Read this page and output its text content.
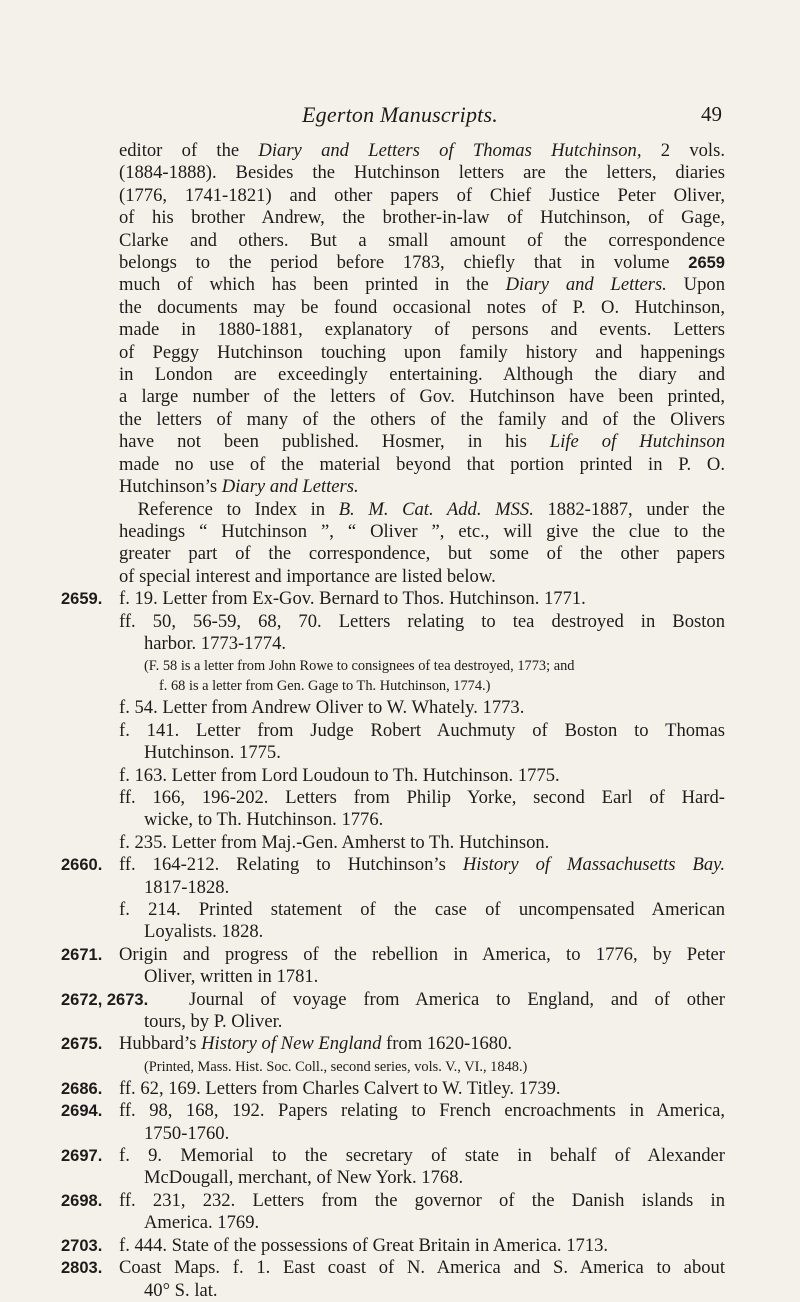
Egerton Manuscripts.	49
editor of the Diary and Letters of Thomas Hutchinson, 2 vols.
(1884-1888). Besides the Hutchinson letters are the letters, diaries
(1776, 1741-1821) and other papers of Chief Justice Peter Oliver,
of his brother Andrew, the brother-in-law of Hutchinson, of Gage,
Clarke and others. But a small amount of the correspondence
belongs to the period before 1783, chiefly that in volume 2659
much of which has been printed in the Diary and Letters. Upon
the documents may be found occasional notes of P. O. Hutchinson,
made in 1880-1881, explanatory of persons and events. Letters
of Peggy Hutchinson touching upon family history and happenings
in London are exceedingly entertaining. Although the diary and
a large number of the letters of Gov. Hutchinson have been printed,
the letters of many of the others of the family and of the Olivers
have not been published. Hosmer, in his Life of Hutchinson
made no use of the material beyond that portion printed in P. O.
Hutchinson’s Diary and Letters.
 Reference to Index in B. M. Cat. Add. MSS. 1882-1887, under the
headings “ Hutchinson ”, “ Oliver ”, etc., will give the clue to the
greater part of the correspondence, but some of the other papers
of special interest and importance are listed below.
2659. f. 19. Letter from Ex-Gov. Bernard to Thos. Hutchinson. 1771.
ff. 50, 56-59, 68, 70. Letters relating to tea destroyed in Boston
harbor. 1773-1774.
(F. 58 is a letter from John Rowe to consignees of tea destroyed, 1773; and
f. 68 is a letter from Gen. Gage to Th. Hutchinson, 1774.)
f. 54. Letter from Andrew Oliver to W. Whately. 1773.
f. 141. Letter from Judge Robert Auchmuty of Boston to Thomas
Hutchinson. 1775.
f. 163. Letter from Lord Loudoun to Th. Hutchinson. 1775.
ff. 166, 196-202. Letters from Philip Yorke, second Earl of Hard-
wicke, to Th. Hutchinson. 1776.
f. 235. Letter from Maj.-Gen. Amherst to Th. Hutchinson.
2660. ff. 164-212. Relating to Hutchinson’s History of Massachusetts Bay.
1817-1828.
f. 214. Printed statement of the case of uncompensated American
Loyalists. 1828.
2671. Origin and progress of the rebellion in America, to 1776, by Peter
Oliver, written in 1781.
2672, 2673. Journal of voyage from America to England, and of other
tours, by P. Oliver.
2675. Hubbard’s History of New England from 1620-1680.
(Printed, Mass. Hist. Soc. Coll., second series, vols. V., VI., 1848.)
2686. ff. 62, 169. Letters from Charles Calvert to W. Titley. 1739.
2694. ff. 98, 168, 192. Papers relating to French encroachments in America,
1750-1760.
2697. f. 9. Memorial to the secretary of state in behalf of Alexander
McDougall, merchant, of New York. 1768.
2698. ff. 231, 232. Letters from the governor of the Danish islands in
America. 1769.
2703. f. 444. State of the possessions of Great Britain in America. 1713.
2803. Coast Maps. f. 1. East coast of N. America and S. America to about
40° S. lat.
